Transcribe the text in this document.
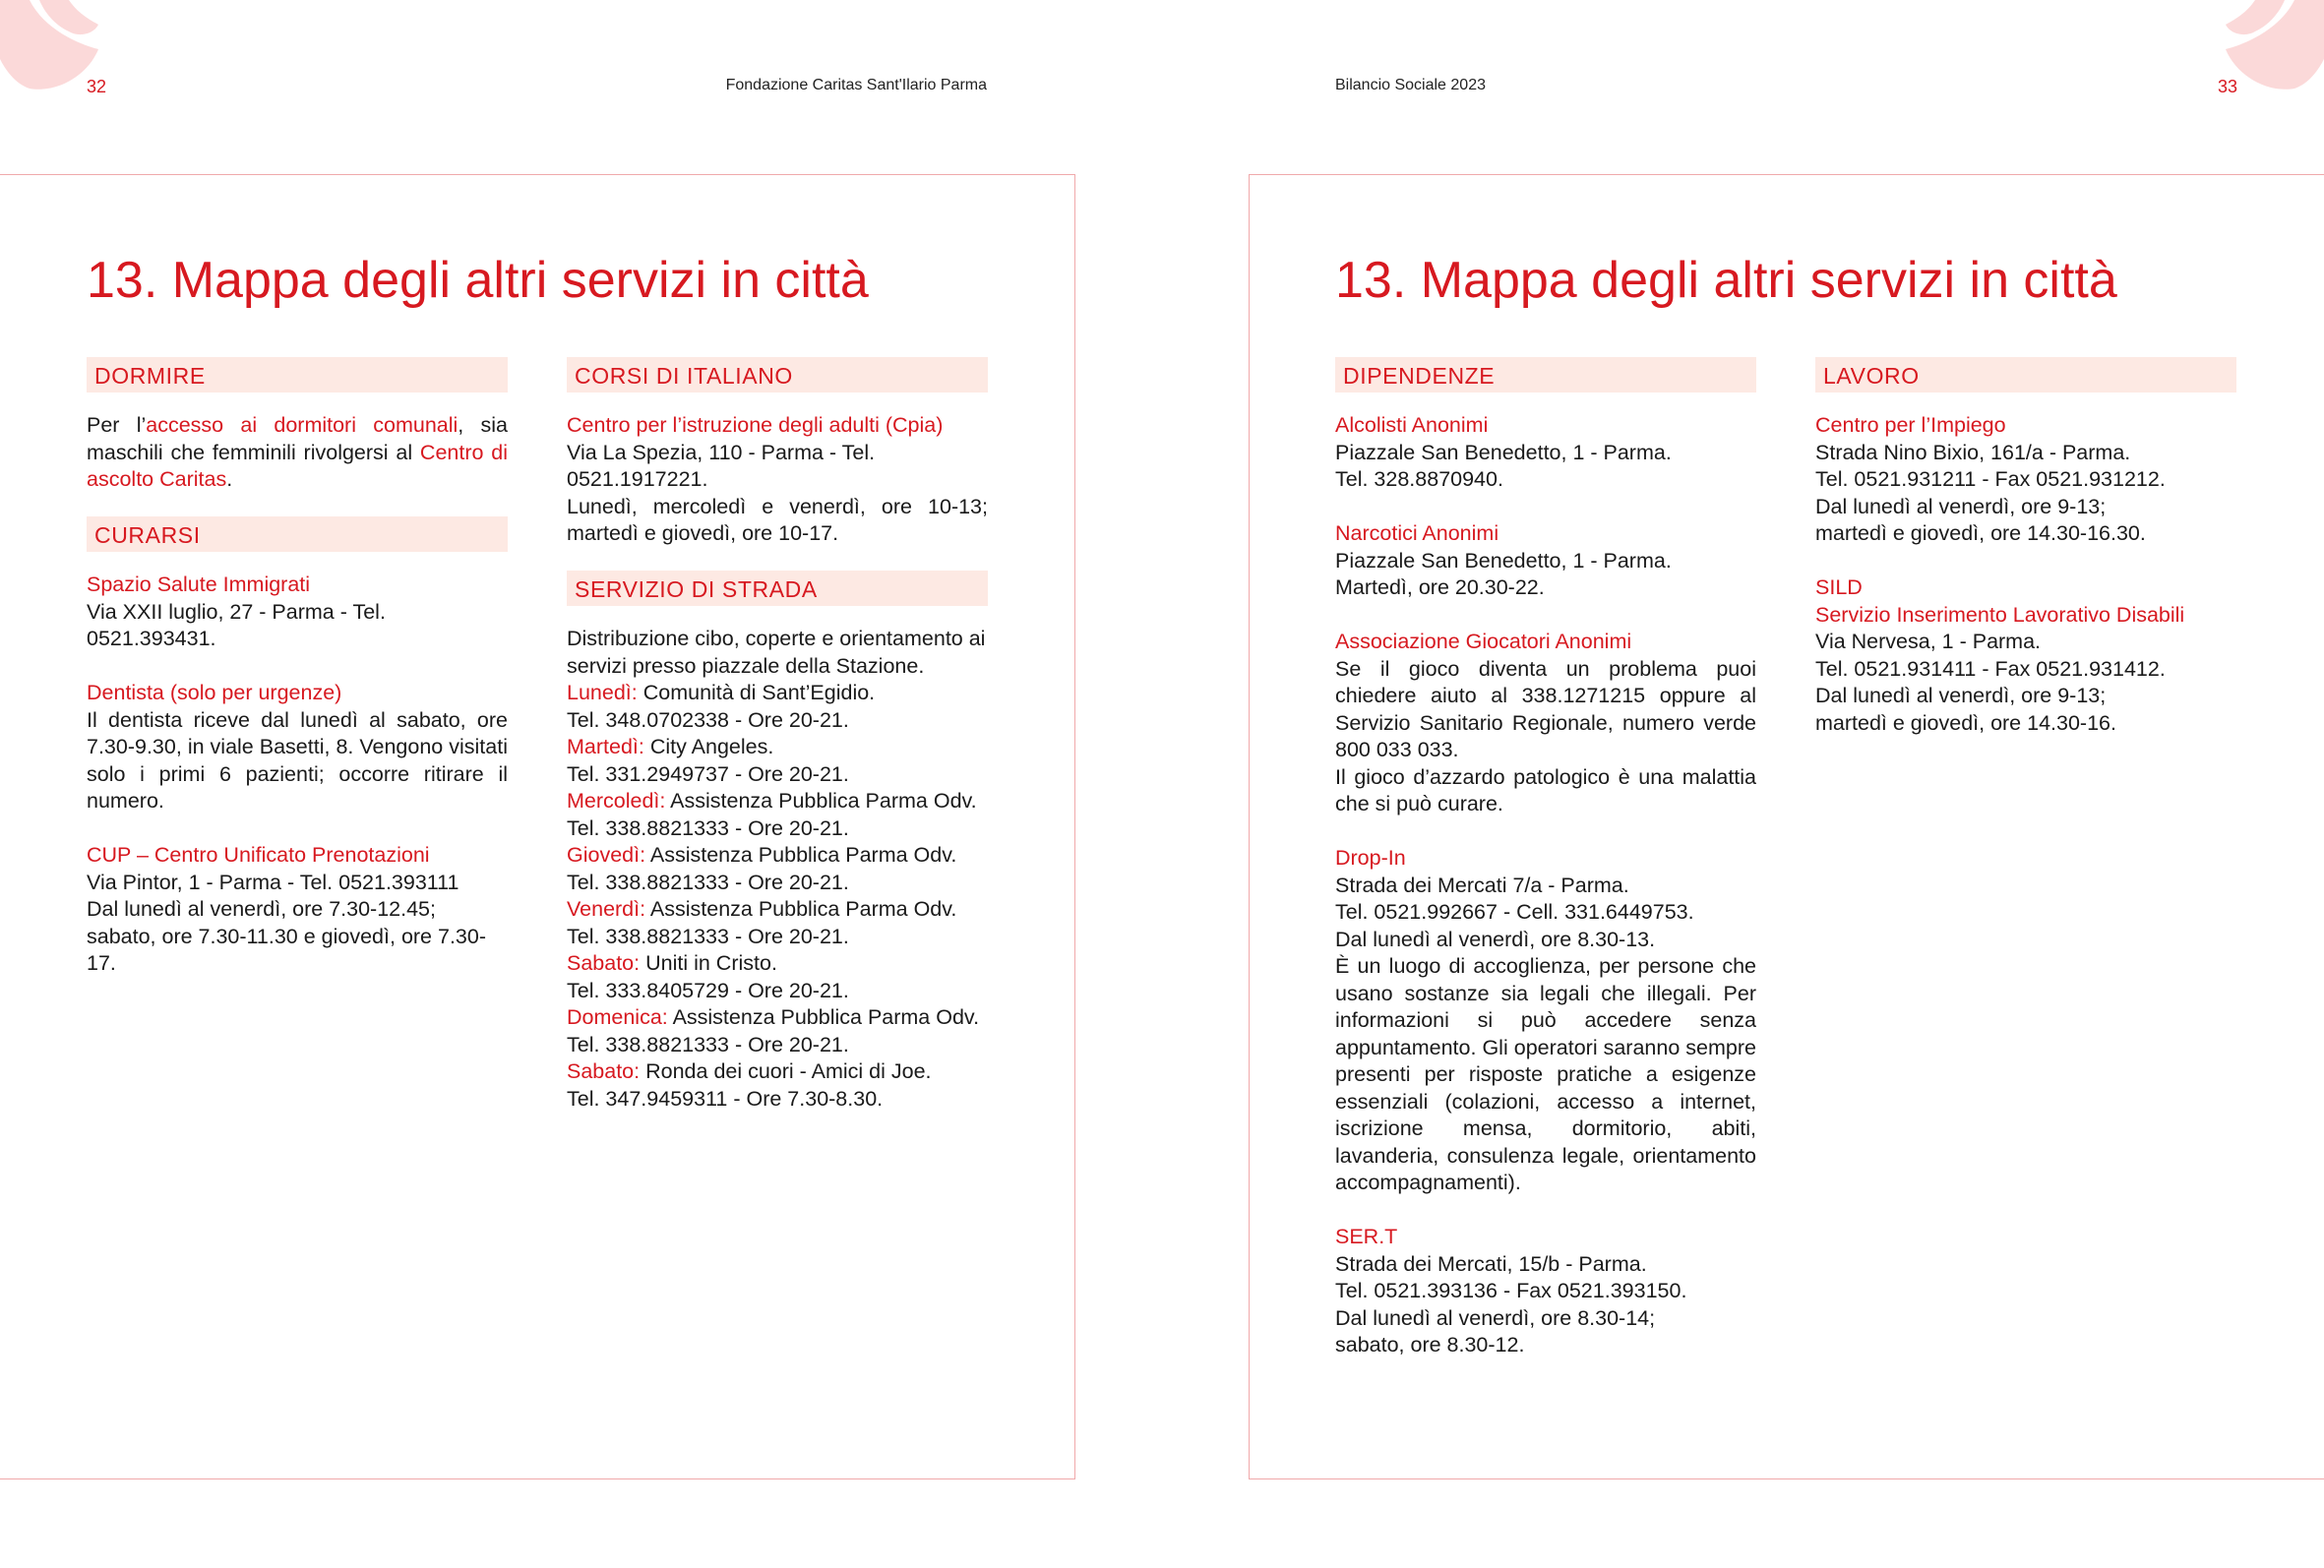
32	Fondazione Caritas Sant'Ilario Parma
13. Mappa degli altri servizi in città
DORMIRE

Per l’accesso ai dormitori comunali, sia maschili che femminili rivolgersi al Centro di ascolto Caritas.

CURARSI

Spazio Salute Immigrati

Via XXII luglio, 27 - Parma - Tel. 0521.393431.

Dentista (solo per urgenze)

Il dentista riceve dal lunedì al sabato, ore 7.30-9.30, in viale Basetti, 8. Vengono visitati solo i primi 6 pazienti; occorre ritirare il numero.

CUP – Centro Unificato Prenotazioni

Via Pintor, 1 - Parma - Tel. 0521.393111

Dal lunedì al venerdì, ore 7.30-12.45; sabato, ore 7.30-11.30 e giovedì, ore 7.30-17.

CORSI DI ITALIANO

Centro per l’istruzione degli adulti (Cpia)

Via La Spezia, 110 - Parma - Tel. 0521.1917221.

Lunedì, mercoledì e venerdì, ore 10-13; martedì e giovedì, ore 10-17.

SERVIZIO DI STRADA

Distribuzione cibo, coperte e orientamento ai servizi presso piazzale della Stazione.

Lunedì: Comunità di Sant’Egidio.

Tel. 348.0702338 - Ore 20-21.

Martedì: City Angeles.

Tel. 331.2949737 - Ore 20-21.

Mercoledì: Assistenza Pubblica Parma Odv.

Tel. 338.8821333 - Ore 20-21.

Giovedì: Assistenza Pubblica Parma Odv.

Tel. 338.8821333 - Ore 20-21.

Venerdì: Assistenza Pubblica Parma Odv.

Tel. 338.8821333 - Ore 20-21.

Sabato: Uniti in Cristo.

Tel. 333.8405729 - Ore 20-21.

Domenica: Assistenza Pubblica Parma Odv.

Tel. 338.8821333 - Ore 20-21.

Sabato: Ronda dei cuori - Amici di Joe.

Tel. 347.9459311 - Ore 7.30-8.30.

Bilancio Sociale 2023	33
13. Mappa degli altri servizi in città
DIPENDENZE

Alcolisti Anonimi

Piazzale San Benedetto, 1 - Parma.

Tel. 328.8870940.

Narcotici Anonimi

Piazzale San Benedetto, 1 - Parma.

Martedì, ore 20.30-22.

Associazione Giocatori Anonimi

Se il gioco diventa un problema puoi chiedere aiuto al 338.1271215 oppure al Servizio Sanitario Regionale, numero verde 800 033 033.

Il gioco d’azzardo patologico è una malattia che si può curare.

Drop-In

Strada dei Mercati 7/a - Parma.

Tel. 0521.992667 - Cell. 331.6449753.

Dal lunedì al venerdì, ore 8.30-13.

È un luogo di accoglienza, per persone che usano sostanze sia legali che illegali. Per informazioni si può accedere senza appuntamento. Gli operatori saranno sempre presenti per risposte pratiche a esigenze essenziali (colazioni, accesso a internet, iscrizione mensa, dormitorio, abiti, lavanderia, consulenza legale, orientamento accompagnamenti).

SER.T

Strada dei Mercati, 15/b - Parma.

Tel. 0521.393136 - Fax 0521.393150.

Dal lunedì al venerdì, ore 8.30-14;

sabato, ore 8.30-12.

LAVORO

Centro per l’Impiego

Strada Nino Bixio, 161/a - Parma.

Tel. 0521.931211 - Fax 0521.931212.

Dal lunedì al venerdì, ore 9-13;

martedì e giovedì, ore 14.30-16.30.

SILD

Servizio Inserimento Lavorativo Disabili

Via Nervesa, 1 - Parma.

Tel. 0521.931411 - Fax 0521.931412.

Dal lunedì al venerdì, ore 9-13;

martedì e giovedì, ore 14.30-16.
